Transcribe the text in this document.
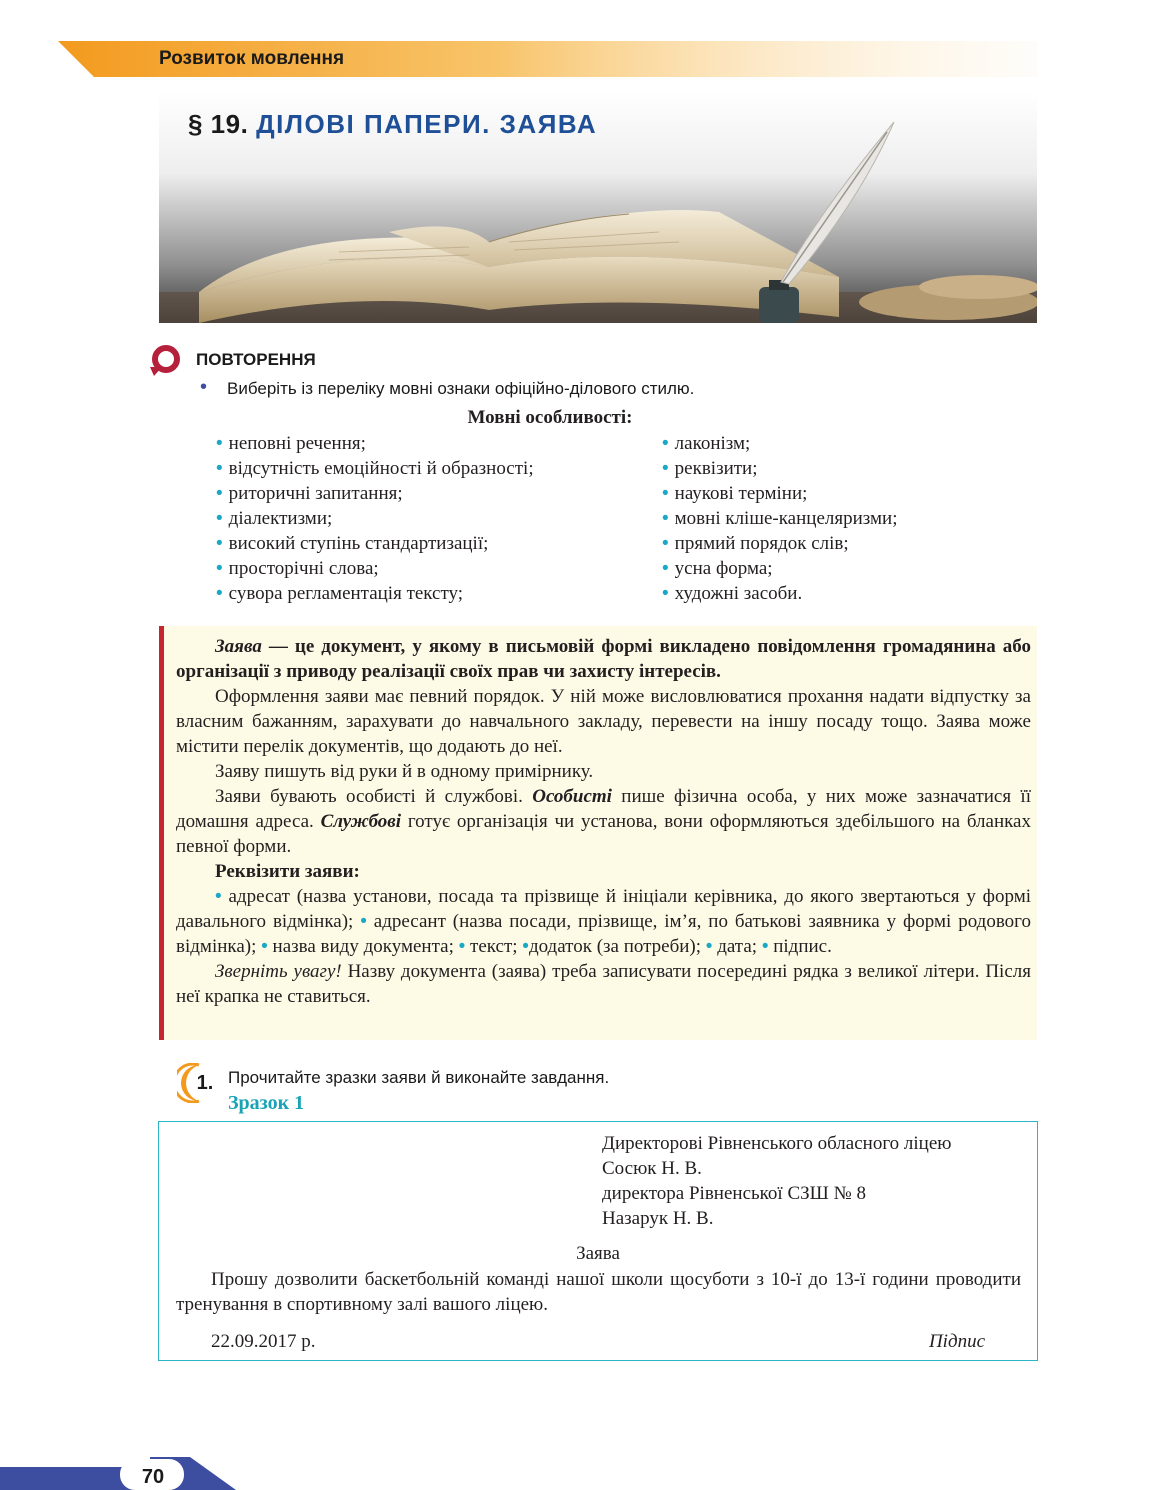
Розвиток мовлення
§ 19. ДІЛОВІ ПАПЕРИ. ЗАЯВА
ПОВТОРЕННЯ
• Виберіть із переліку мовні ознаки офіційно-ділового стилю.
Мовні особливості:
• неповні речення;
• відсутність емоційності й образності;
• риторичні запитання;
• діалектизми;
• високий ступінь стандартизації;
• просторічні слова;
• сувора регламентація тексту;
• лаконізм;
• реквізити;
• наукові терміни;
• мовні кліше-канцеляризми;
• прямий порядок слів;
• усна форма;
• художні засоби.

Заява — це документ, у якому в письмовій формі викладено повідомлення громадянина або організації з приводу реалізації своїх прав чи захисту інтересів.

Оформлення заяви має певний порядок. У ній може висловлюватися прохання надати відпустку за власним бажанням, зарахувати до навчального закладу, перевести на іншу посаду тощо. Заява може містити перелік документів, що додають до неї.

Заяву пишуть від руки й в одному примірнику.

Заяви бувають особисті й службові. Особисті пише фізична особа, у них може зазначатися її домашня адреса. Службові готує організація чи установа, вони оформляються здебільшого на бланках певної форми.

Реквізити заяви:

• адресат (назва установи, посада та прізвище й ініціали керівника, до якого звертаються у формі давального відмінка); • адресант (назва посади, прізвище, ім’я, по батькові заявника у формі родового відмінка); • назва виду документа; • текст; •додаток (за потреби); • дата; • підпис.

Зверніть увагу! Назву документа (заява) треба записувати посередині рядка з великої літери. Після неї крапка не ставиться.

1. Прочитайте зразки заяви й виконайте завдання.
Зразок 1
Директорові Рівненського обласного ліцею
Сосюк Н. В.
директора Рівненської СЗШ № 8
Назарук Н. В.
Заява
Прошу дозволити баскетбольній команді нашої школи щосуботи з 10-ї до 13-ї години проводити тренування в спортивному залі вашого ліцею.
22.09.2017 р.	Підпис
70
